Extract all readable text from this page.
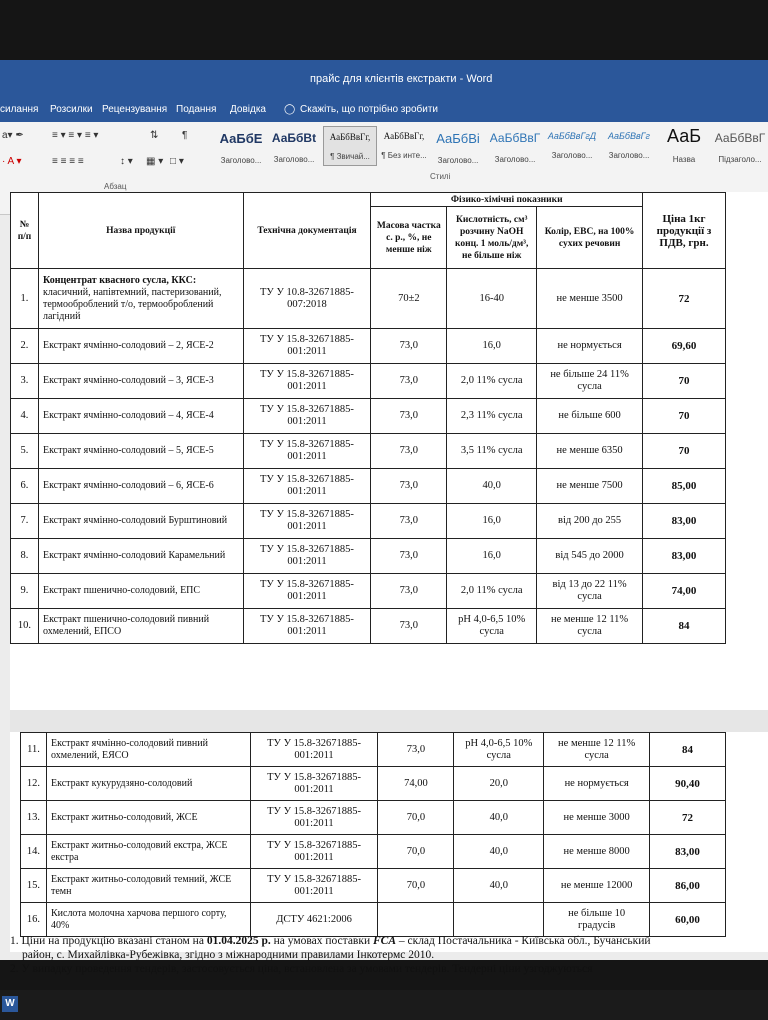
прайс для клієнтів екстракти - Word
силання Розсилки Рецензування Подання Довідка ◯ Скажіть, що потрібно зробити
a▾ ✒
· A ▾
≡ ▾ ≡ ▾ ≡ ▾	⇅ ¶
≡ ≡ ≡ ≡	↕ ▾ ▦ ▾ □ ▾
Абзац
АаБбЕ
Заголово...
АаБбВt
Заголово...
АаБбВвГг,
¶ Звичай...
АаБбВвГг,
¶ Без инте...
АаБбВі
Заголово...
АаБбВвГ
Заголово...
АаБбВвГгД
Заголово...
АаБбВвГг
Заголово...
АаБ
Назва
АаБбВвГ
Підзаголо...
Стилі
№ п/п	Назва продукції	Технічна документація	Фізико-хімічні показники			Ціна 1кг продукції з ПДВ, грн.
			Масова частка с. р., %, не менше ніж	Кислотність, см³ розчину NaOH конц. 1 моль/дм³, не більше ніж	Колір, ЕВС, на 100% сухих речовин	
1.	Концентрат квасного сусла, ККС: класичний, напівтемний, пастеризований, термооброблений т/о, термооброблений лагідний	ТУ У 10.8-32671885-007:2018	70±2	16-40	не менше 3500	72
2.	Екстракт ячмінно-солодовий – 2, ЯСЕ-2	ТУ У 15.8-32671885-001:2011	73,0	16,0	не нормується	69,60
3.	Екстракт ячмінно-солодовий – 3, ЯСЕ-3	ТУ У 15.8-32671885-001:2011	73,0	2,0 11% сусла	не більше 24 11% сусла	70
4.	Екстракт ячмінно-солодовий – 4, ЯСЕ-4	ТУ У 15.8-32671885-001:2011	73,0	2,3 11% сусла	не більше 600	70
5.	Екстракт ячмінно-солодовий – 5, ЯСЕ-5	ТУ У 15.8-32671885-001:2011	73,0	3,5 11% сусла	не менше 6350	70
6.	Екстракт ячмінно-солодовий – 6, ЯСЕ-6	ТУ У 15.8-32671885-001:2011	73,0	40,0	не менше 7500	85,00
7.	Екстракт ячмінно-солодовий Бурштиновий	ТУ У 15.8-32671885-001:2011	73,0	16,0	від 200 до 255	83,00
8.	Екстракт ячмінно-солодовий Карамельний	ТУ У 15.8-32671885-001:2011	73,0	16,0	від 545 до 2000	83,00
9.	Екстракт пшенично-солодовий, ЕПС	ТУ У 15.8-32671885-001:2011	73,0	2,0 11% сусла	від 13 до 22 11% сусла	74,00
10.	Екстракт пшенично-солодовий пивний охмелений, ЕПСО	ТУ У 15.8-32671885-001:2011	73,0	pH 4,0-6,5 10% сусла	не менше 12 11% сусла	84
11.	Екстракт ячмінно-солодовий пивний охмелений, ЕЯСО	ТУ У 15.8-32671885-001:2011	73,0	pH 4,0-6,5 10% сусла	не менше 12 11% сусла	84
12.	Екстракт кукурудзяно-солодовий	ТУ У 15.8-32671885-001:2011	74,00	20,0	не нормується	90,40
13.	Екстракт житньо-солодовий, ЖСЕ	ТУ У 15.8-32671885-001:2011	70,0	40,0	не менше 3000	72
14.	Екстракт житньо-солодовий екстра, ЖСЕ екстра	ТУ У 15.8-32671885-001:2011	70,0	40,0	не менше 8000	83,00
15.	Екстракт житньо-солодовий темний, ЖСЕ темн	ТУ У 15.8-32671885-001:2011	70,0	40,0	не менше 12000	86,00
16.	Кислота молочна харчова першого сорту, 40%	ДСТУ 4621:2006			не більше 10 градусів	60,00

1. Ціни на продукцію вказані станом на 01.04.2025 р. на умовах поставки FCA – склад Постачальника - Київська обл., Бучанський

район, с. Михайлівка-Рубежівка, згідно з міжнародними правилами Інкотермс 2010.

2. У випадку проведення тендерів, застосовується ціна, встановлена за умовами тендерів. Тендерні ціни узгоджуються

W
